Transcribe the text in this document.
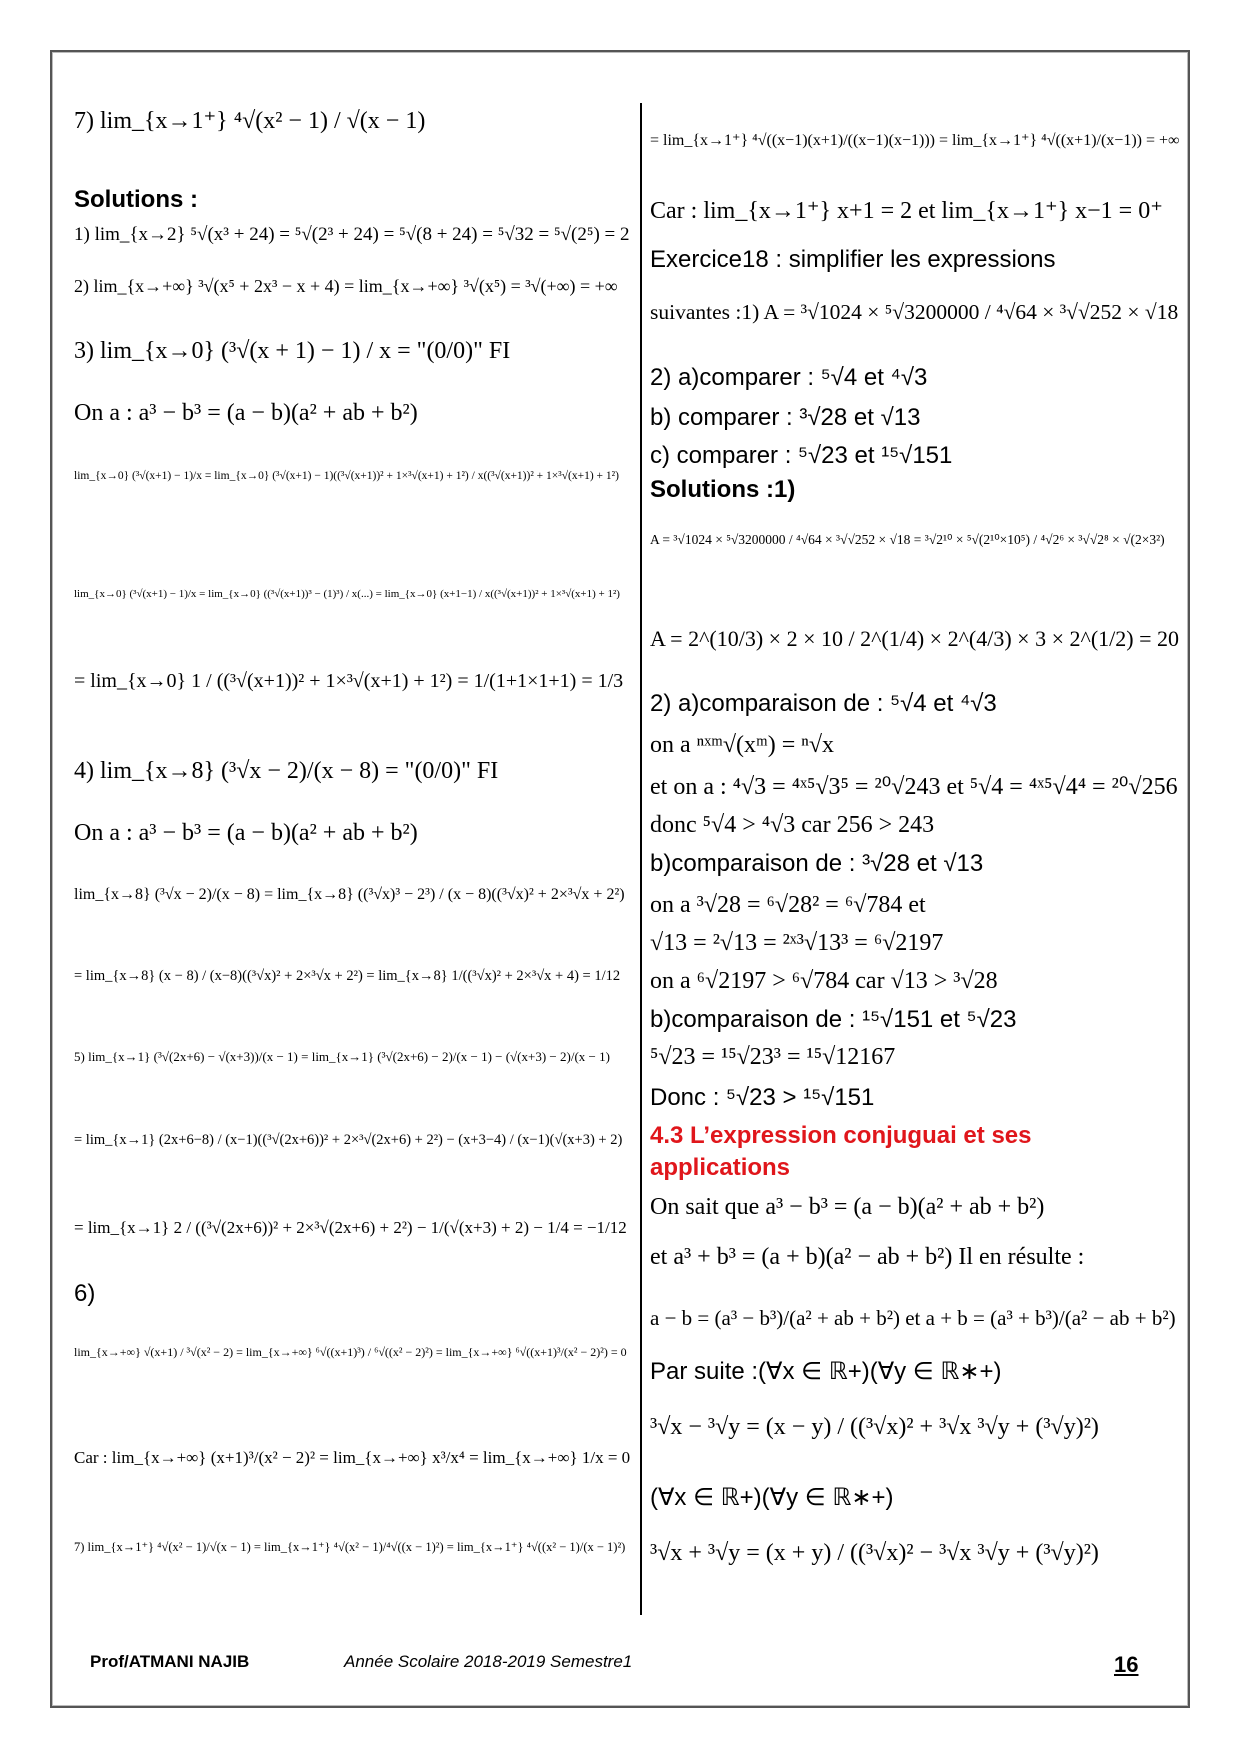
7) lim_{x→1⁺} ⁴√(x² − 1) / √(x − 1)
Solutions :
1) lim_{x→2} ⁵√(x³ + 24) = ⁵√(2³ + 24) = ⁵√(8 + 24) = ⁵√32 = ⁵√(2⁵) = 2
2) lim_{x→+∞} ³√(x⁵ + 2x³ − x + 4) = lim_{x→+∞} ³√(x⁵) = ³√(+∞) = +∞
3) lim_{x→0} (³√(x + 1) − 1) / x = "(0/0)" FI
On a : a³ − b³ = (a − b)(a² + ab + b²)
lim_{x→0} (³√(x+1) − 1)/x = lim_{x→0} (³√(x+1) − 1)((³√(x+1))² + 1×³√(x+1) + 1²) / x((³√(x+1))² + 1×³√(x+1) + 1²)
lim_{x→0} (³√(x+1) − 1)/x = lim_{x→0} ((³√(x+1))³ − (1)³) / x(...) = lim_{x→0} (x+1−1) / x((³√(x+1))² + 1×³√(x+1) + 1²)
= lim_{x→0} 1 / ((³√(x+1))² + 1×³√(x+1) + 1²) = 1/(1+1×1+1) = 1/3
4) lim_{x→8} (³√x − 2)/(x − 8) = "(0/0)" FI
On a : a³ − b³ = (a − b)(a² + ab + b²)
lim_{x→8} (³√x − 2)/(x − 8) = lim_{x→8} ((³√x)³ − 2³) / (x − 8)((³√x)² + 2×³√x + 2²)
= lim_{x→8} (x − 8) / (x−8)((³√x)² + 2×³√x + 2²) = lim_{x→8} 1/((³√x)² + 2×³√x + 4) = 1/12
5) lim_{x→1} (³√(2x+6) − √(x+3))/(x − 1) = lim_{x→1} (³√(2x+6) − 2)/(x − 1) − (√(x+3) − 2)/(x − 1)
= lim_{x→1} (2x+6−8) / (x−1)((³√(2x+6))² + 2×³√(2x+6) + 2²) − (x+3−4) / (x−1)(√(x+3) + 2)
= lim_{x→1} 2 / ((³√(2x+6))² + 2×³√(2x+6) + 2²) − 1/(√(x+3) + 2) − 1/4 = −1/12
6)
lim_{x→+∞} √(x+1) / ³√(x² − 2) = lim_{x→+∞} ⁶√((x+1)³) / ⁶√((x² − 2)²) = lim_{x→+∞} ⁶√((x+1)³/(x² − 2)²) = 0
Car : lim_{x→+∞} (x+1)³/(x² − 2)² = lim_{x→+∞} x³/x⁴ = lim_{x→+∞} 1/x = 0
7) lim_{x→1⁺} ⁴√(x² − 1)/√(x − 1) = lim_{x→1⁺} ⁴√(x² − 1)/⁴√((x − 1)²) = lim_{x→1⁺} ⁴√((x² − 1)/(x − 1)²)
= lim_{x→1⁺} ⁴√((x−1)(x+1)/((x−1)(x−1))) = lim_{x→1⁺} ⁴√((x+1)/(x−1)) = +∞
Car : lim_{x→1⁺} x+1 = 2 et lim_{x→1⁺} x−1 = 0⁺
Exercice18 : simplifier les expressions
suivantes :1) A = ³√1024 × ⁵√3200000 / ⁴√64 × ³√√252 × √18
2) a)comparer : ⁵√4 et ⁴√3
b) comparer : ³√28 et √13
c) comparer : ⁵√23 et ¹⁵√151
Solutions :1)
A = ³√1024 × ⁵√3200000 / ⁴√64 × ³√√252 × √18 = ³√2¹⁰ × ⁵√(2¹⁰×10⁵) / ⁴√2⁶ × ³√√2⁸ × √(2×3²)
A = 2^(10/3) × 2 × 10 / 2^(1/4) × 2^(4/3) × 3 × 2^(1/2) = 20
2) a)comparaison de : ⁵√4 et ⁴√3
on a ⁿˣᵐ√(xᵐ) = ⁿ√x
et on a : ⁴√3 = ⁴ˣ⁵√3⁵ = ²⁰√243 et ⁵√4 = ⁴ˣ⁵√4⁴ = ²⁰√256
donc ⁵√4 > ⁴√3 car 256 > 243
b)comparaison de : ³√28 et √13
on a ³√28 = ⁶√28² = ⁶√784 et
√13 = ²√13 = ²ˣ³√13³ = ⁶√2197
on a ⁶√2197 > ⁶√784 car √13 > ³√28
b)comparaison de : ¹⁵√151 et ⁵√23
⁵√23 = ¹⁵√23³ = ¹⁵√12167
Donc : ⁵√23 > ¹⁵√151
4.3 L’expression conjuguai et ses
applications
On sait que a³ − b³ = (a − b)(a² + ab + b²)
et a³ + b³ = (a + b)(a² − ab + b²) Il en résulte :
a − b = (a³ − b³)/(a² + ab + b²) et a + b = (a³ + b³)/(a² − ab + b²)
Par suite :(∀x ∈ ℝ+)(∀y ∈ ℝ∗+)
³√x − ³√y = (x − y) / ((³√x)² + ³√x ³√y + (³√y)²)
(∀x ∈ ℝ+)(∀y ∈ ℝ∗+)
³√x + ³√y = (x + y) / ((³√x)² − ³√x ³√y + (³√y)²)
Prof/ATMANI NAJIB	Année Scolaire 2018-2019 Semestre1	16
